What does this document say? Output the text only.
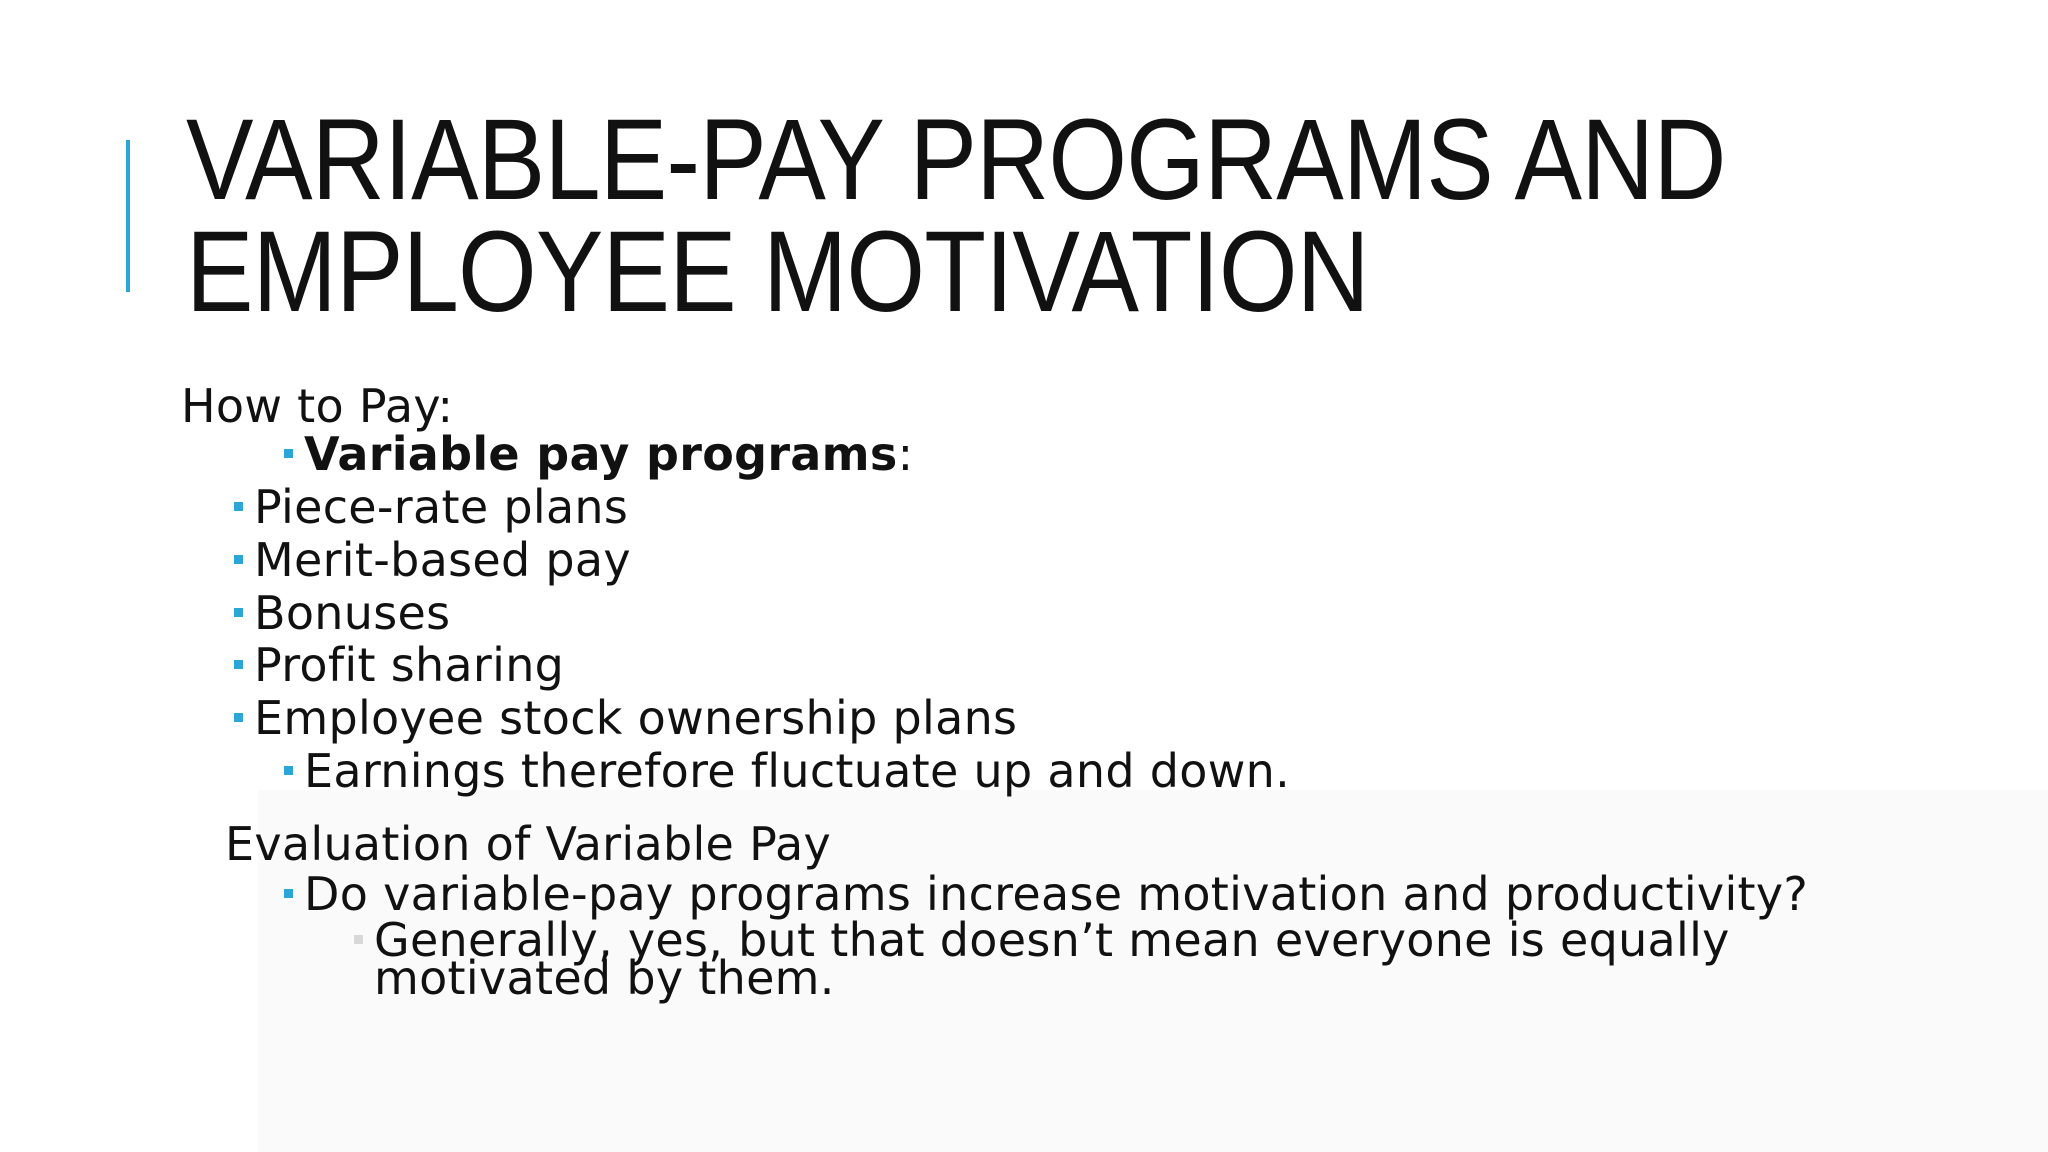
VARIABLE-PAY PROGRAMS AND
EMPLOYEE MOTIVATION
How to Pay:
Variable pay programs:
Piece-rate plans
Merit-based pay
Bonuses
Profit sharing
Employee stock ownership plans
Earnings therefore fluctuate up and down.
Evaluation of Variable Pay
Do variable-pay programs increase motivation and productivity?
Generally, yes, but that doesn’t mean everyone is equally
motivated by them.
